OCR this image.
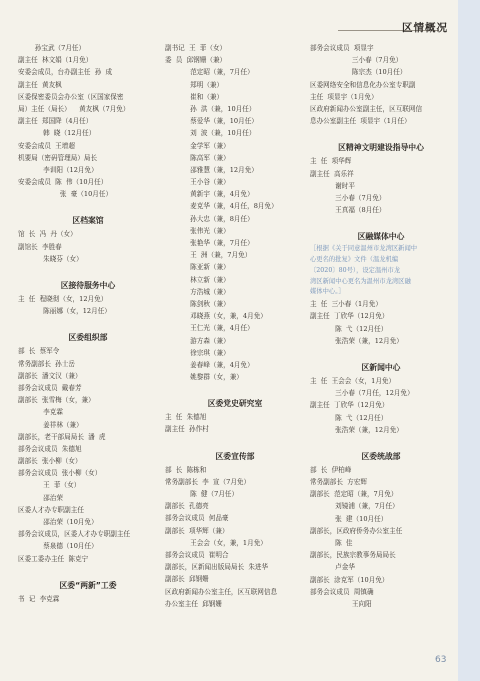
区情概况
孙宝武（7月任）
副主任  林文娟（1月免）
安委会成员，台办副主任  孙  成
副主任  黄友枫
区委保密委员会办公室（区国家保密
局）主任（局长）    黄友枫（7月免）
副主任  郑国降（4月任）
韩  晓（12月任）
安委会成员  王增超
机要局（密码管理局）局长
李训阳（12月免）
安委会成员  陈  伟（10月任）
张  豪（10月任）
区档案馆
馆  长  冯  丹（女）
副馆长  李胜春
朱晓芬（女）
区接待服务中心
主  任  程晓彻（女，12月免）
陈丽娜（女，12月任）
区委组织部
部  长  蔡军令
常务副部长  孙士岳
副部长  潘文汉（兼）
部务会议成员  戴春芳
副部长  张雪梅（女，兼）
李克霖
姜祥林（兼）
副部长，老干部局局长  潘  虎
部务会议成员  朱德旭
副部长  张小柳（女）
部务会议成员  张小柳（女）
王  菲（女）
邵治荣
区委人才办专职副主任
邵治荣（10月免）
部务会议成员，区委人才办专职副主任
蔡泉德（10月任）
区委工委办主任  陈克宁
区委“两新”工委
书  记  李克霖
副书记  王  菲（女）
委  员  邱钢姗（兼）
范定昭（兼，7月任）
郑明（兼）
崔和（兼）
孙  洪（兼，10月任）
蔡爱华（兼，10月任）
刘  波（兼，10月任）
金学军（兼）
陈高军（兼）
邵雅慧（兼，12月免）
王小谷（兼）
黄新宇（兼，4月免）
麦克华（兼，4月任，8月免）
孙大忠（兼，8月任）
张伟光（兼）
张艳华（兼，7月任）
王  洲（兼，7月免）
陈亚新（兼）
林立新（兼）
方浩城（兼）
陈剑秋（兼）
邓晓燕（女，兼，4月免）
王仁光（兼，4月任）
游方森（兼）
徐宗琪（兼）
姜春峰（兼，4月免）
姚黎群（女，兼）
区委党史研究室
主  任  朱德旭
副主任  孙作村
区委宣传部
部  长  陈栋和
常务副部长  李  宣（7月免）
陈  健（7月任）
副部长  孔德亮
部务会议成员  何品豪
副部长  项华辉（兼）
王会会（女，兼，1月免）
部务会议成员  崔明合
副部长，区新闻出版局局长  朱进华
副部长  邱钢姗
区政府新闻办公室主任，区互联网信息
办公室主任  邱钢姗
部务会议成员  项显宇
三小春（7月免）
陈宗杰（10月任）
区委网络安全和信息化办公室专职副
主任  项显宇（1月免）
区政府新闻办公室副主任，区互联网信
息办公室副主任  项显宇（1月任）
区精神文明建设指导中心
主  任  项华辉
副主任  高乐祥
谢时平
三小春（7月免）
王真福（8月任）
区融媒体中心
［根据《关于同意温州市龙湾区新闻中
心更名的批复》文件（温龙机编
〔2020〕80号），设定温州市龙
湾区新闻中心更名为温州市龙湾区融
媒体中心。］
主  任  三小春（1月免）
副主任  丁欣华（12月免）
陈  弋（12月任）
张浩荣（兼，12月免）
区新闻中心
主  任  王会会（女，1月免）
三小春（7月任，12月免）
副主任  丁欣华（12月免）
陈  弋（12月任）
张浩荣（兼，12月免）
区委统战部
部  长  伊柏峰
常务副部长  方宏辉
副部长  范定昭（兼，7月免）
刘镜浦（兼，7月任）
张  建（10月任）
副部长，区政府侨务办公室主任
陈  佳
副部长，民族宗教事务局局长
卢金华
副部长  涂克军（10月免）
部务会议成员  周镇确
王向阳
63
